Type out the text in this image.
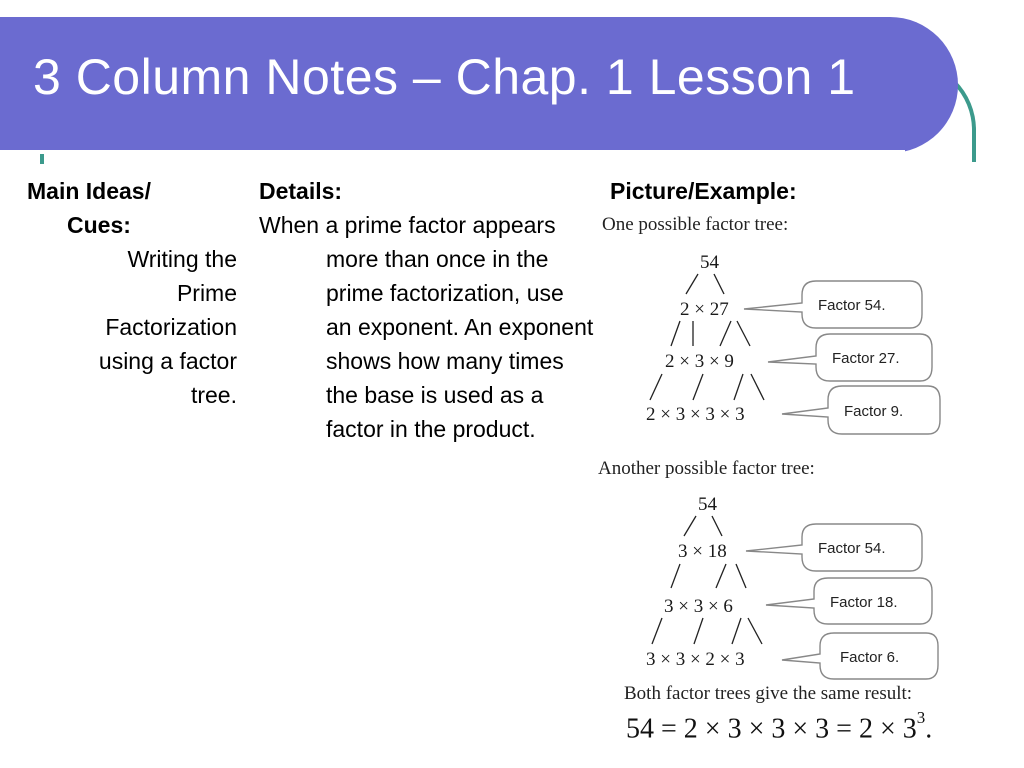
3 Column Notes – Chap. 1 Lesson 1
Main Ideas/
Cues:
Writing the
Prime
Factorization
using a factor
tree.
Details:
When a prime factor appears more than once in the prime factorization, use an exponent. An exponent shows how many times the base is used as a factor in the product.
Picture/Example:
One possible factor tree:
54
2 × 27
2 × 3 × 9
2 × 3 × 3 × 3
Factor 54.
Factor 27.
Factor 9.
54
3 × 18
3 × 3 × 6
3 × 3 × 2 × 3
Factor 54.
Factor 18.
Factor 6.
Another possible factor tree:
Both factor trees give the same result:
$54 = 2 \times 3 \times 3 \times 3 = 2 \times 3^3$.
